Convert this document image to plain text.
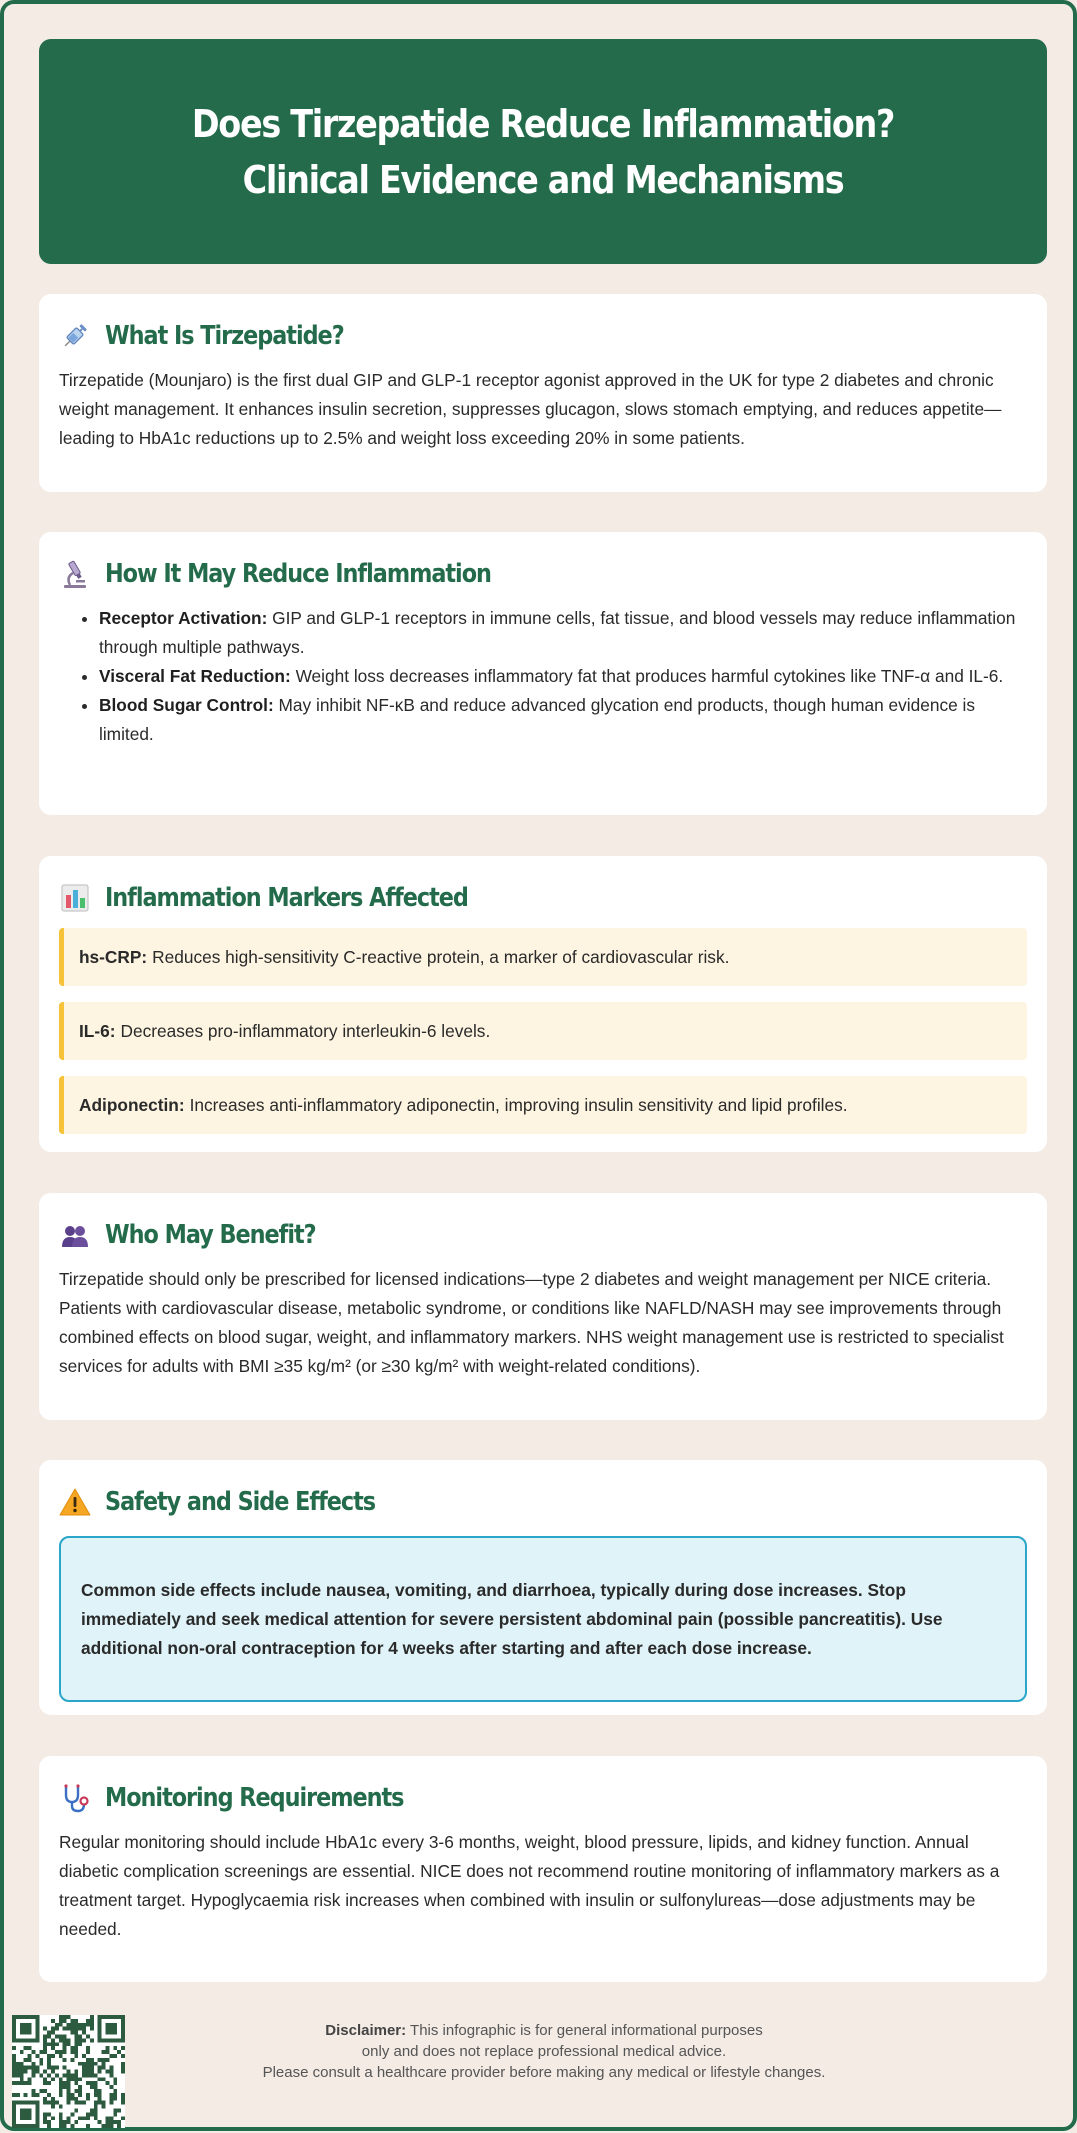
Does Tirzepatide Reduce Inflammation? Clinical Evidence and Mechanisms
What Is Tirzepatide?

Tirzepatide (Mounjaro) is the first dual GIP and GLP-1 receptor agonist approved in the UK for type 2 diabetes and chronic weight management. It enhances insulin secretion, suppresses glucagon, slows stomach emptying, and reduces appetite—leading to HbA1c reductions up to 2.5% and weight loss exceeding 20% in some patients.

How It May Reduce Inflammation
• Receptor Activation: GIP and GLP-1 receptors in immune cells, fat tissue, and blood vessels may reduce inflammation through multiple pathways.
• Visceral Fat Reduction: Weight loss decreases inflammatory fat that produces harmful cytokines like TNF-α and IL-6.
• Blood Sugar Control: May inhibit NF-κB and reduce advanced glycation end products, though human evidence is limited.
Inflammation Markers Affected
hs-CRP: Reduces high-sensitivity C-reactive protein, a marker of cardiovascular risk.
IL-6: Decreases pro-inflammatory interleukin-6 levels.
Adiponectin: Increases anti-inflammatory adiponectin, improving insulin sensitivity and lipid profiles.
Who May Benefit?

Tirzepatide should only be prescribed for licensed indications—type 2 diabetes and weight management per NICE criteria. Patients with cardiovascular disease, metabolic syndrome, or conditions like NAFLD/NASH may see improvements through combined effects on blood sugar, weight, and inflammatory markers. NHS weight management use is restricted to specialist services for adults with BMI ≥35 kg/m² (or ≥30 kg/m² with weight-related conditions).

Safety and Side Effects
Common side effects include nausea, vomiting, and diarrhoea, typically during dose increases. Stop immediately and seek medical attention for severe persistent abdominal pain (possible pancreatitis). Use additional non-oral contraception for 4 weeks after starting and after each dose increase.
Monitoring Requirements

Regular monitoring should include HbA1c every 3-6 months, weight, blood pressure, lipids, and kidney function. Annual diabetic complication screenings are essential. NICE does not recommend routine monitoring of inflammatory markers as a treatment target. Hypoglycaemia risk increases when combined with insulin or sulfonylureas—dose adjustments may be needed.

Disclaimer: This infographic is for general informational purposes
only and does not replace professional medical advice.
Please consult a healthcare provider before making any medical or lifestyle changes.
